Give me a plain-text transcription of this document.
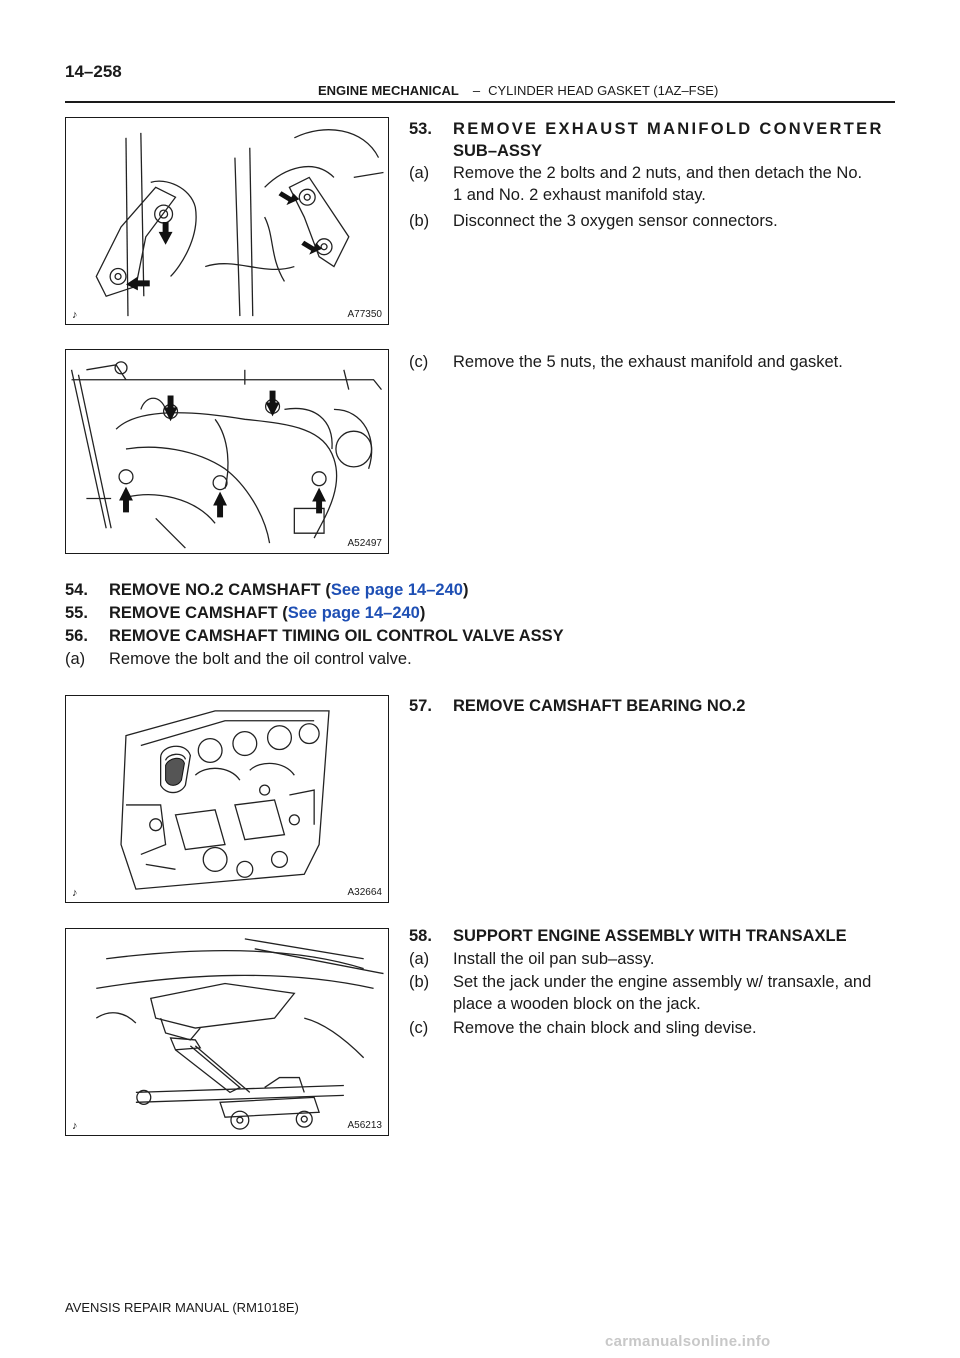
14–258
ENGINE MECHANICAL – CYLINDER HEAD GASKET (1AZ–FSE)
♪	A77350
A52497
♪	A32664
♪	A56213
53. REMOVE EXHAUST MANIFOLD CONVERTER
SUB–ASSY
(a) Remove the 2 bolts and 2 nuts, and then detach the No.
1 and No. 2 exhaust manifold stay.
(b) Disconnect the 3 oxygen sensor connectors.
(c) Remove the 5 nuts, the exhaust manifold and gasket.
54. REMOVE NO.2 CAMSHAFT (See page 14–240)
55. REMOVE CAMSHAFT (See page 14–240)
56. REMOVE CAMSHAFT TIMING OIL CONTROL VALVE ASSY
(a) Remove the bolt and the oil control valve.
57. REMOVE CAMSHAFT BEARING NO.2
58. SUPPORT ENGINE ASSEMBLY WITH TRANSAXLE
(a) Install the oil pan sub–assy.
(b) Set the jack under the engine assembly w/ transaxle, and
place a wooden block on the jack.
(c) Remove the chain block and sling devise.
AVENSIS REPAIR MANUAL (RM1018E)
carmanualsonline.info
